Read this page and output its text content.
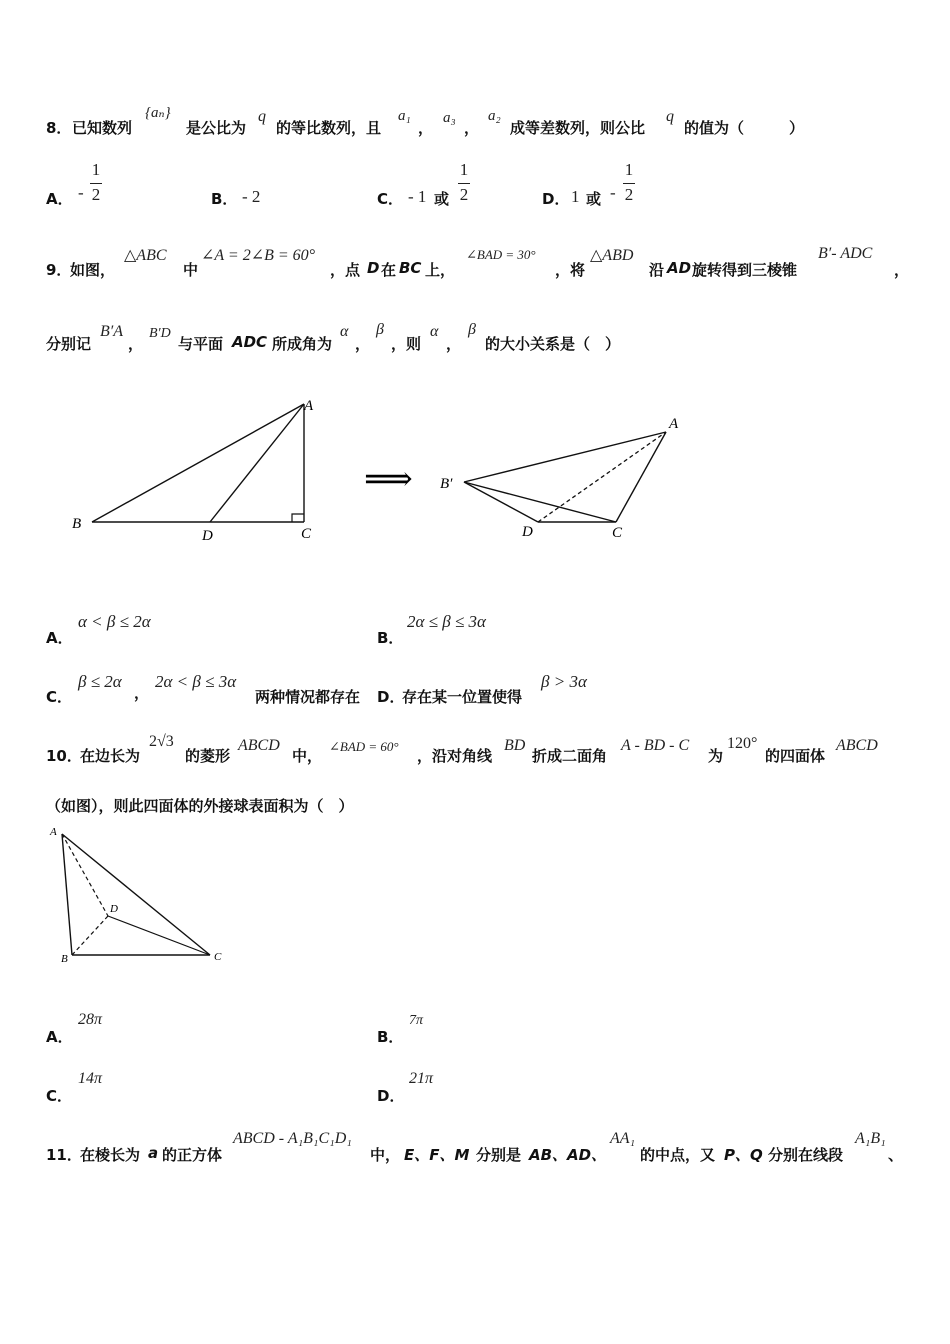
8． 已知数列
{aₙ}
是公比为
q
的等比数列，且
a₁
，
a₃
，
a₂
成等差数列，则公比
q
的值为（　　　）
A． -
1
2	B． - 2	C． - 1 或
1
2	D． 1 或 -
1
2
9．
如图，
△ABC
中
∠A = 2∠B = 60°
，点 D 在 BC 上，
∠BAD = 30°
，将
△ABD
沿 AD 旋转得到三棱锥
B′- ADC
，
分别记
B′A
，
B′D
与平面 ADC 所成角为
α
，
β
，则
α
，
β
的大小关系是（　）
A
B
C
D
⟹
A
B′
C
D
A．
α < β ≤ 2α
B．
2α ≤ β ≤ 3α
C．
β ≤ 2α
，
2α < β ≤ 3α
两种情况都存在 D．
存在某一位置使得
β > 3α
10．
在边长为
2√3
的菱形
ABCD
中，
∠BAD = 60°
，沿对角线
BD
折成二面角
A - BD - C
为
120°
的四面体
ABCD
（如图），则此四面体的外接球表面积为（　）
A
B	C
D
A．
28π
B．
7π
C．
14π
D．
21π
11．
在棱长为 a 的正方体
ABCD - A₁B₁C₁D₁
中， E、F、M 分别是 AB、AD、
AA₁
的中点，又 P、Q 分别在线段
A₁B₁
、
